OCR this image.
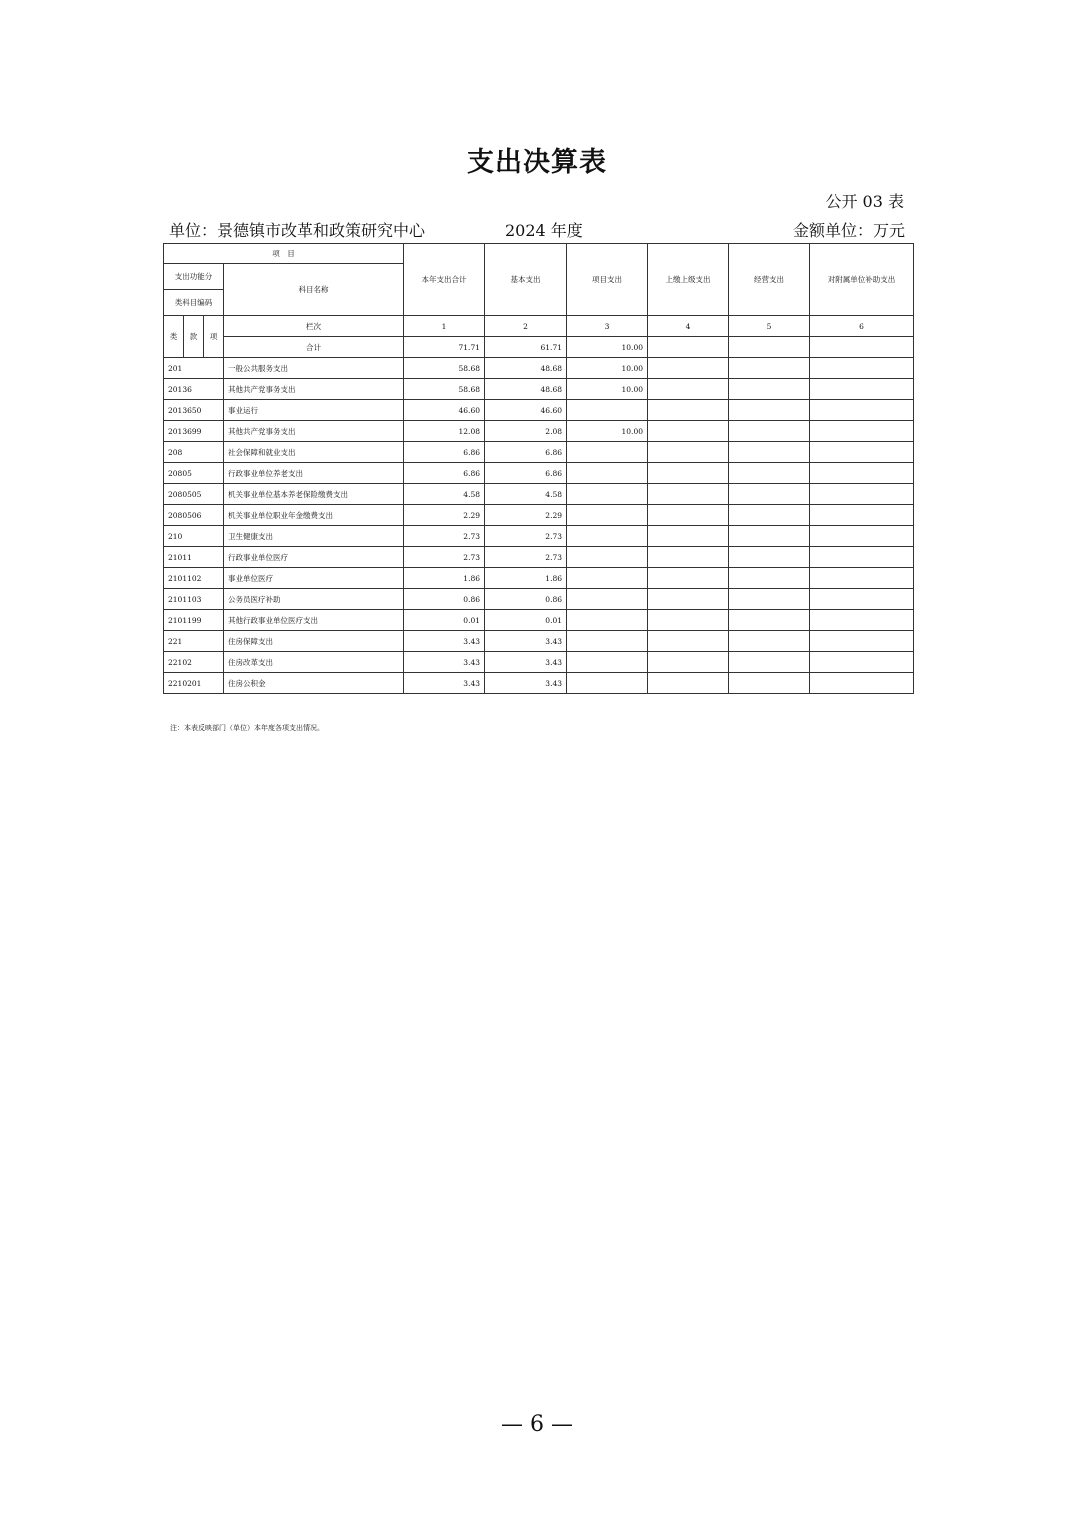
支出决算表
公开 03 表
单位：景德镇市改革和政策研究中心	2024 年度	金额单位：万元
项　目				本年支出合计	基本支出	项目支出	上缴上级支出	经营支出	对附属单位补助支出
支出功能分			科目名称						
类科目编码									
类	款	项	栏次	1	2	3	4	5	6
			合计	71.71	61.71	10.00			
201			一般公共服务支出	58.68	48.68	10.00			
20136			其他共产党事务支出	58.68	48.68	10.00			
2013650			事业运行	46.60	46.60				
2013699			其他共产党事务支出	12.08	2.08	10.00			
208			社会保障和就业支出	6.86	6.86				
20805			行政事业单位养老支出	6.86	6.86				
2080505			机关事业单位基本养老保险缴费支出	4.58	4.58				
2080506			机关事业单位职业年金缴费支出	2.29	2.29				
210			卫生健康支出	2.73	2.73				
21011			行政事业单位医疗	2.73	2.73				
2101102			事业单位医疗	1.86	1.86				
2101103			公务员医疗补助	0.86	0.86				
2101199			其他行政事业单位医疗支出	0.01	0.01				
221			住房保障支出	3.43	3.43				
22102			住房改革支出	3.43	3.43				
2210201			住房公积金	3.43	3.43				
注：本表反映部门（单位）本年度各项支出情况。
— 6 —
